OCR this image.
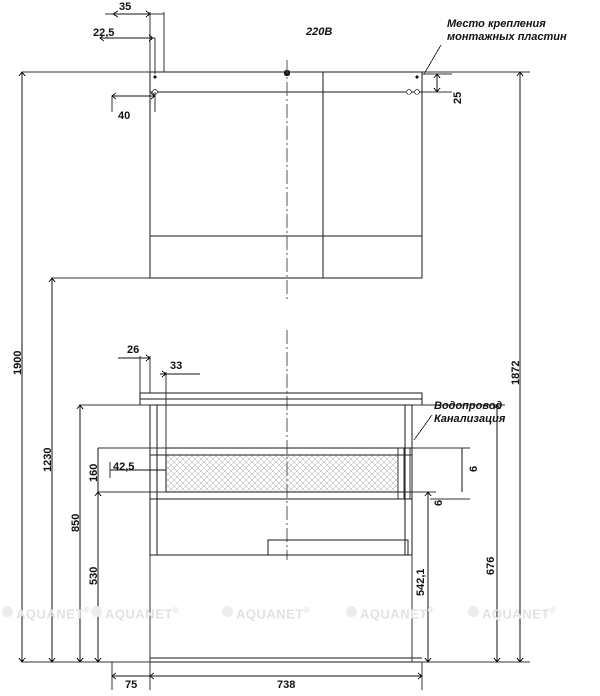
Место крепления
монтажных пластин
220В
Водопровод
Канализация
35
22,5
40
25
1900	1872
26
33
1230
160 42,5
850
6
6
530
676
542,1
75	738
AQUANET® AQUANET®	AQUANET®	AQUANET®	AQUANET®
